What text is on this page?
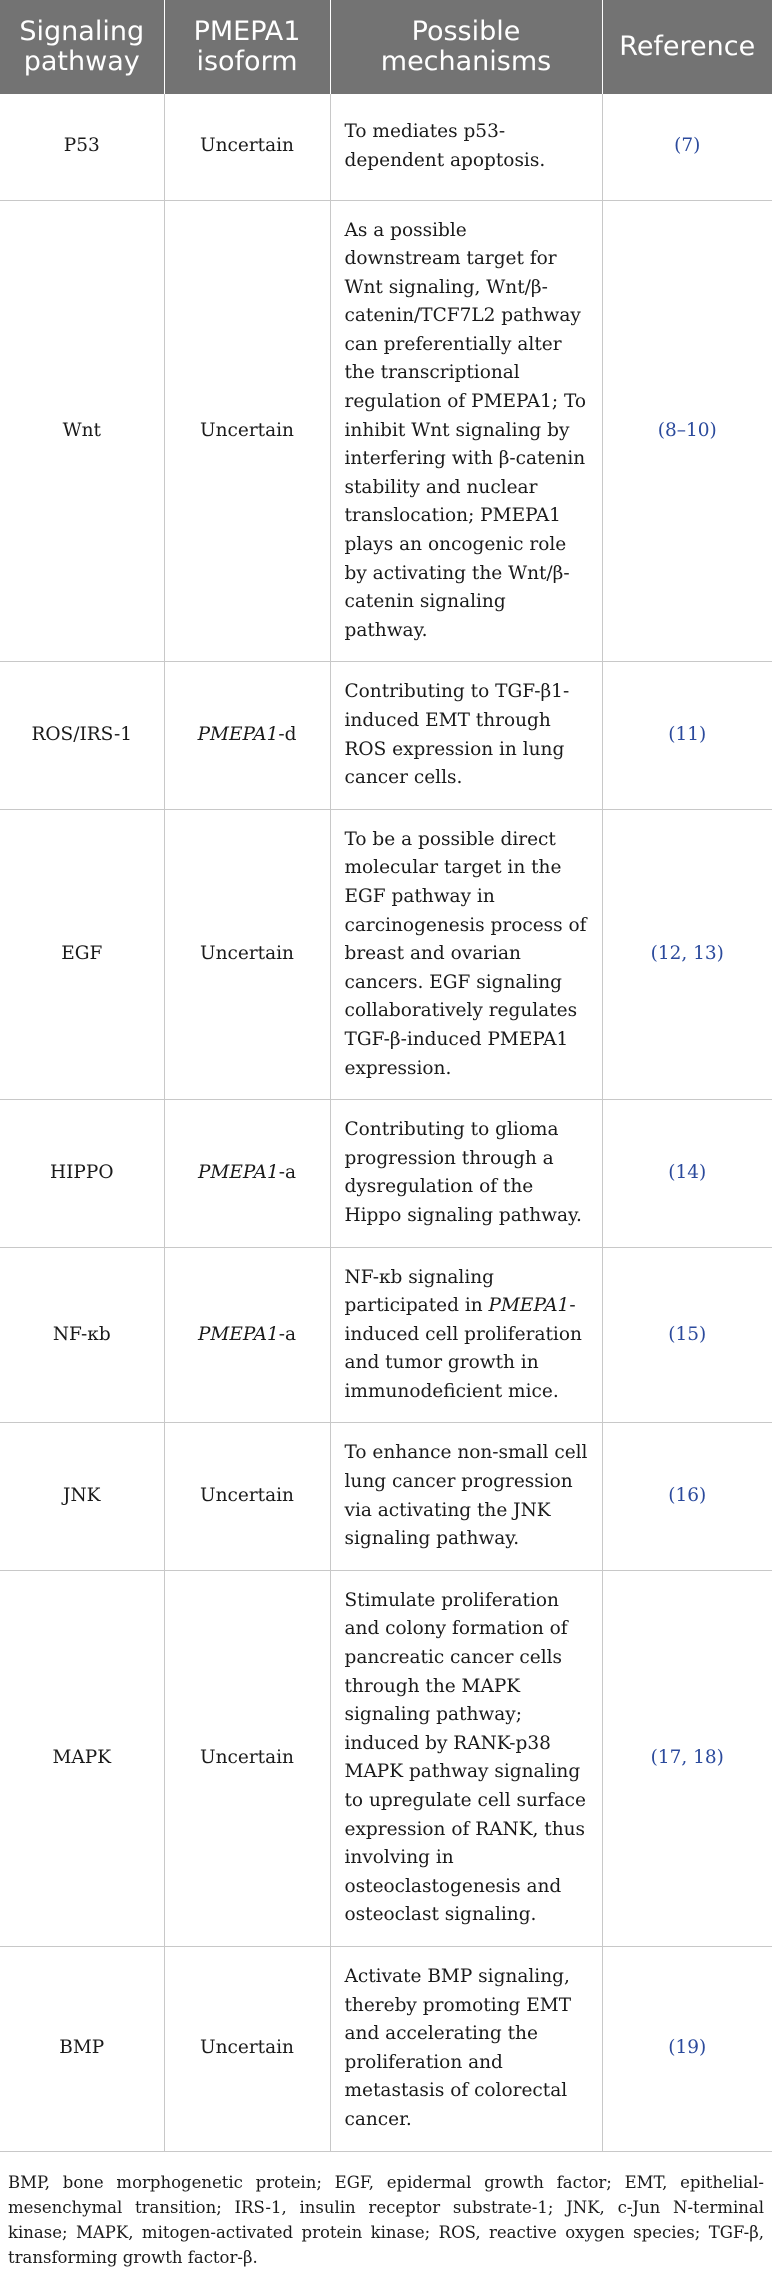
Signaling pathway	PMEPA1 isoform	Possible mechanisms	Reference
P53	Uncertain	To mediates p53-dependent apoptosis.	(7)
Wnt	Uncertain	As a possible downstream target for Wnt signaling, Wnt/β-catenin/TCF7L2 pathway can preferentially alter the transcriptional regulation of PMEPA1; To inhibit Wnt signaling by interfering with β-catenin stability and nuclear translocation; PMEPA1 plays an oncogenic role by activating the Wnt/β-catenin signaling pathway.	(8–10)
ROS/IRS-1	PMEPA1-d	Contributing to TGF-β1-induced EMT through ROS expression in lung cancer cells.	(11)
EGF	Uncertain	To be a possible direct molecular target in the EGF pathway in carcinogenesis process of breast and ovarian cancers. EGF signaling collaboratively regulates TGF-β-induced PMEPA1 expression.	(12, 13)
HIPPO	PMEPA1-a	Contributing to glioma progression through a dysregulation of the Hippo signaling pathway.	(14)
NF-κb	PMEPA1-a	NF-κb signaling participated in PMEPA1-induced cell proliferation and tumor growth in immunodeficient mice.	(15)
JNK	Uncertain	To enhance non-small cell lung cancer progression via activating the JNK signaling pathway.	(16)
MAPK	Uncertain	Stimulate proliferation and colony formation of pancreatic cancer cells through the MAPK signaling pathway; induced by RANK-p38 MAPK pathway signaling to upregulate cell surface expression of RANK, thus involving in osteoclastogenesis and osteoclast signaling.	(17, 18)
BMP	Uncertain	Activate BMP signaling, thereby promoting EMT and accelerating the proliferation and metastasis of colorectal cancer.	(19)
BMP, bone morphogenetic protein; EGF, epidermal growth factor; EMT, epithelial-mesenchymal transition; IRS-1, insulin receptor substrate-1; JNK, c-Jun N-terminal kinase; MAPK, mitogen-activated protein kinase; ROS, reactive oxygen species; TGF-β, transforming growth factor-β.
